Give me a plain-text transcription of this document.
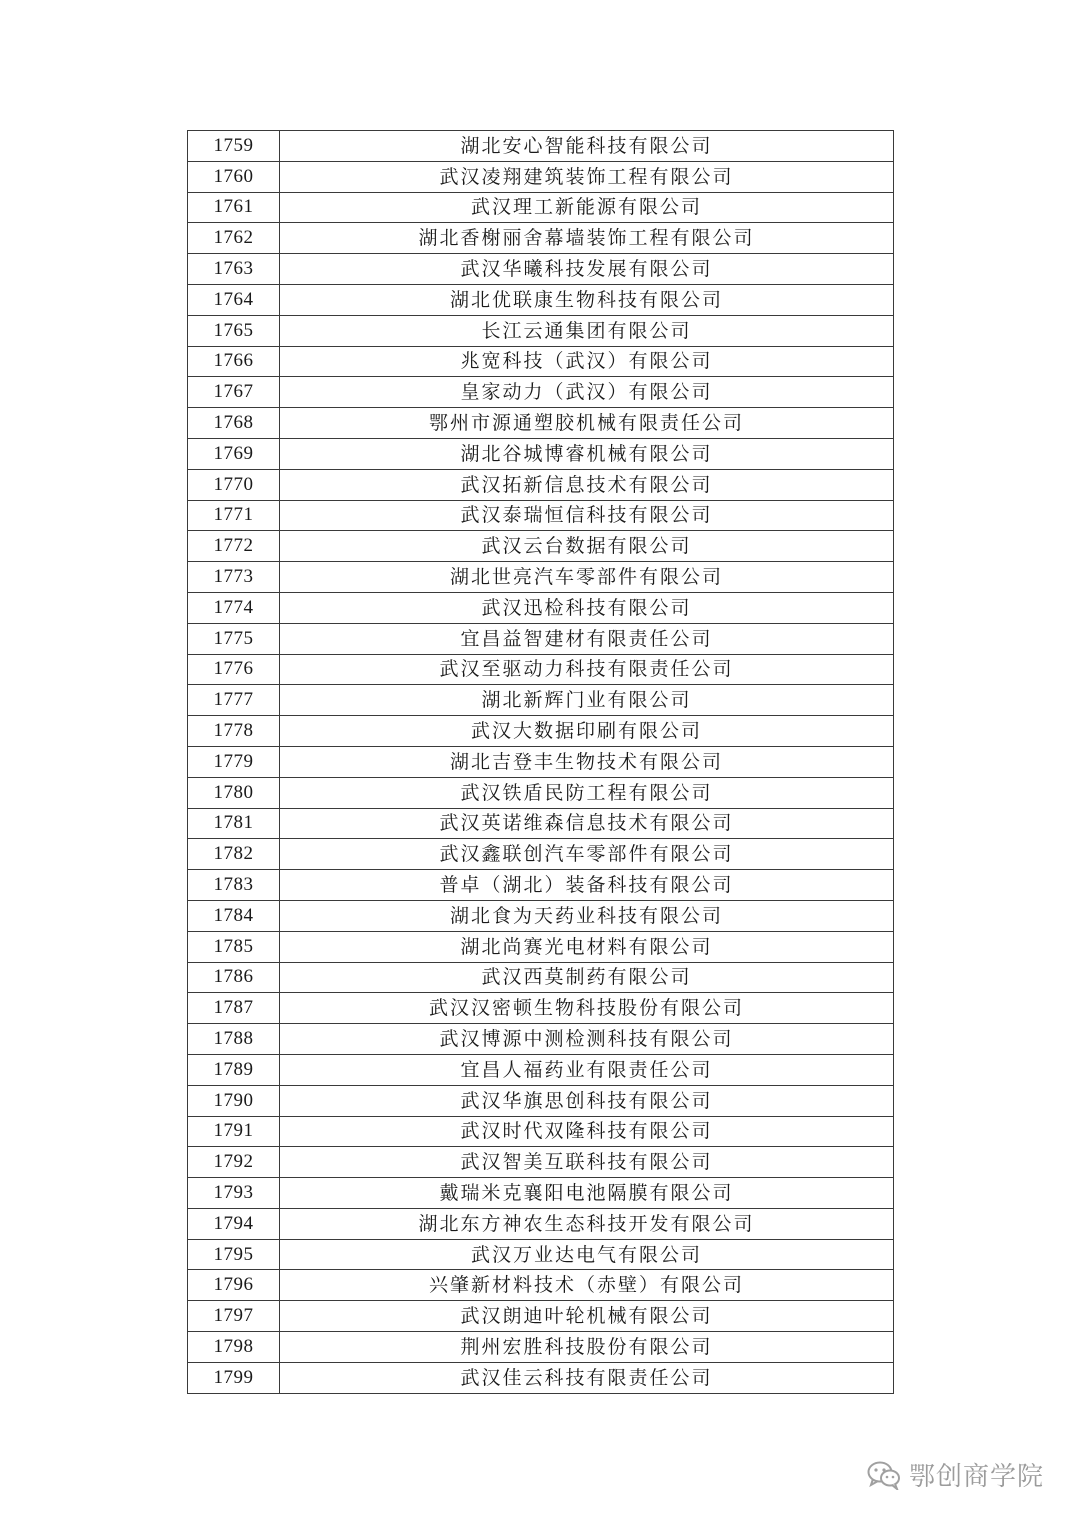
1759	湖北安心智能科技有限公司
1760	武汉凌翔建筑装饰工程有限公司
1761	武汉理工新能源有限公司
1762	湖北香榭丽舍幕墙装饰工程有限公司
1763	武汉华曦科技发展有限公司
1764	湖北优联康生物科技有限公司
1765	长江云通集团有限公司
1766	兆宽科技（武汉）有限公司
1767	皇家动力（武汉）有限公司
1768	鄂州市源通塑胶机械有限责任公司
1769	湖北谷城博睿机械有限公司
1770	武汉拓新信息技术有限公司
1771	武汉泰瑞恒信科技有限公司
1772	武汉云台数据有限公司
1773	湖北世亮汽车零部件有限公司
1774	武汉迅检科技有限公司
1775	宜昌益智建材有限责任公司
1776	武汉至驱动力科技有限责任公司
1777	湖北新辉门业有限公司
1778	武汉大数据印刷有限公司
1779	湖北吉登丰生物技术有限公司
1780	武汉铁盾民防工程有限公司
1781	武汉英诺维森信息技术有限公司
1782	武汉鑫联创汽车零部件有限公司
1783	普卓（湖北）装备科技有限公司
1784	湖北食为天药业科技有限公司
1785	湖北尚赛光电材料有限公司
1786	武汉西莫制药有限公司
1787	武汉汉密顿生物科技股份有限公司
1788	武汉博源中测检测科技有限公司
1789	宜昌人福药业有限责任公司
1790	武汉华旗思创科技有限公司
1791	武汉时代双隆科技有限公司
1792	武汉智美互联科技有限公司
1793	戴瑞米克襄阳电池隔膜有限公司
1794	湖北东方神农生态科技开发有限公司
1795	武汉万业达电气有限公司
1796	兴肇新材料技术（赤壁）有限公司
1797	武汉朗迪叶轮机械有限公司
1798	荆州宏胜科技股份有限公司
1799	武汉佳云科技有限责任公司
鄂创商学院
